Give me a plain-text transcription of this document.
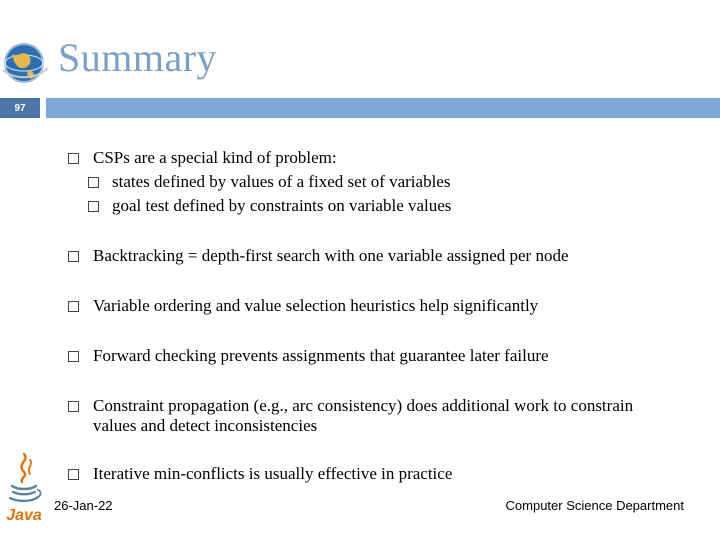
Summary
97
CSPs are a special kind of problem:
states defined by values of a fixed set of variables
goal test defined by constraints on variable values
Backtracking = depth-first search with one variable assigned per node
Variable ordering and value selection heuristics help significantly
Forward checking prevents assignments that guarantee later failure
Constraint propagation (e.g., arc consistency) does additional work to constrain values and detect inconsistencies
Iterative min-conflicts is usually effective in practice
Java
26-Jan-22	Computer Science Department
